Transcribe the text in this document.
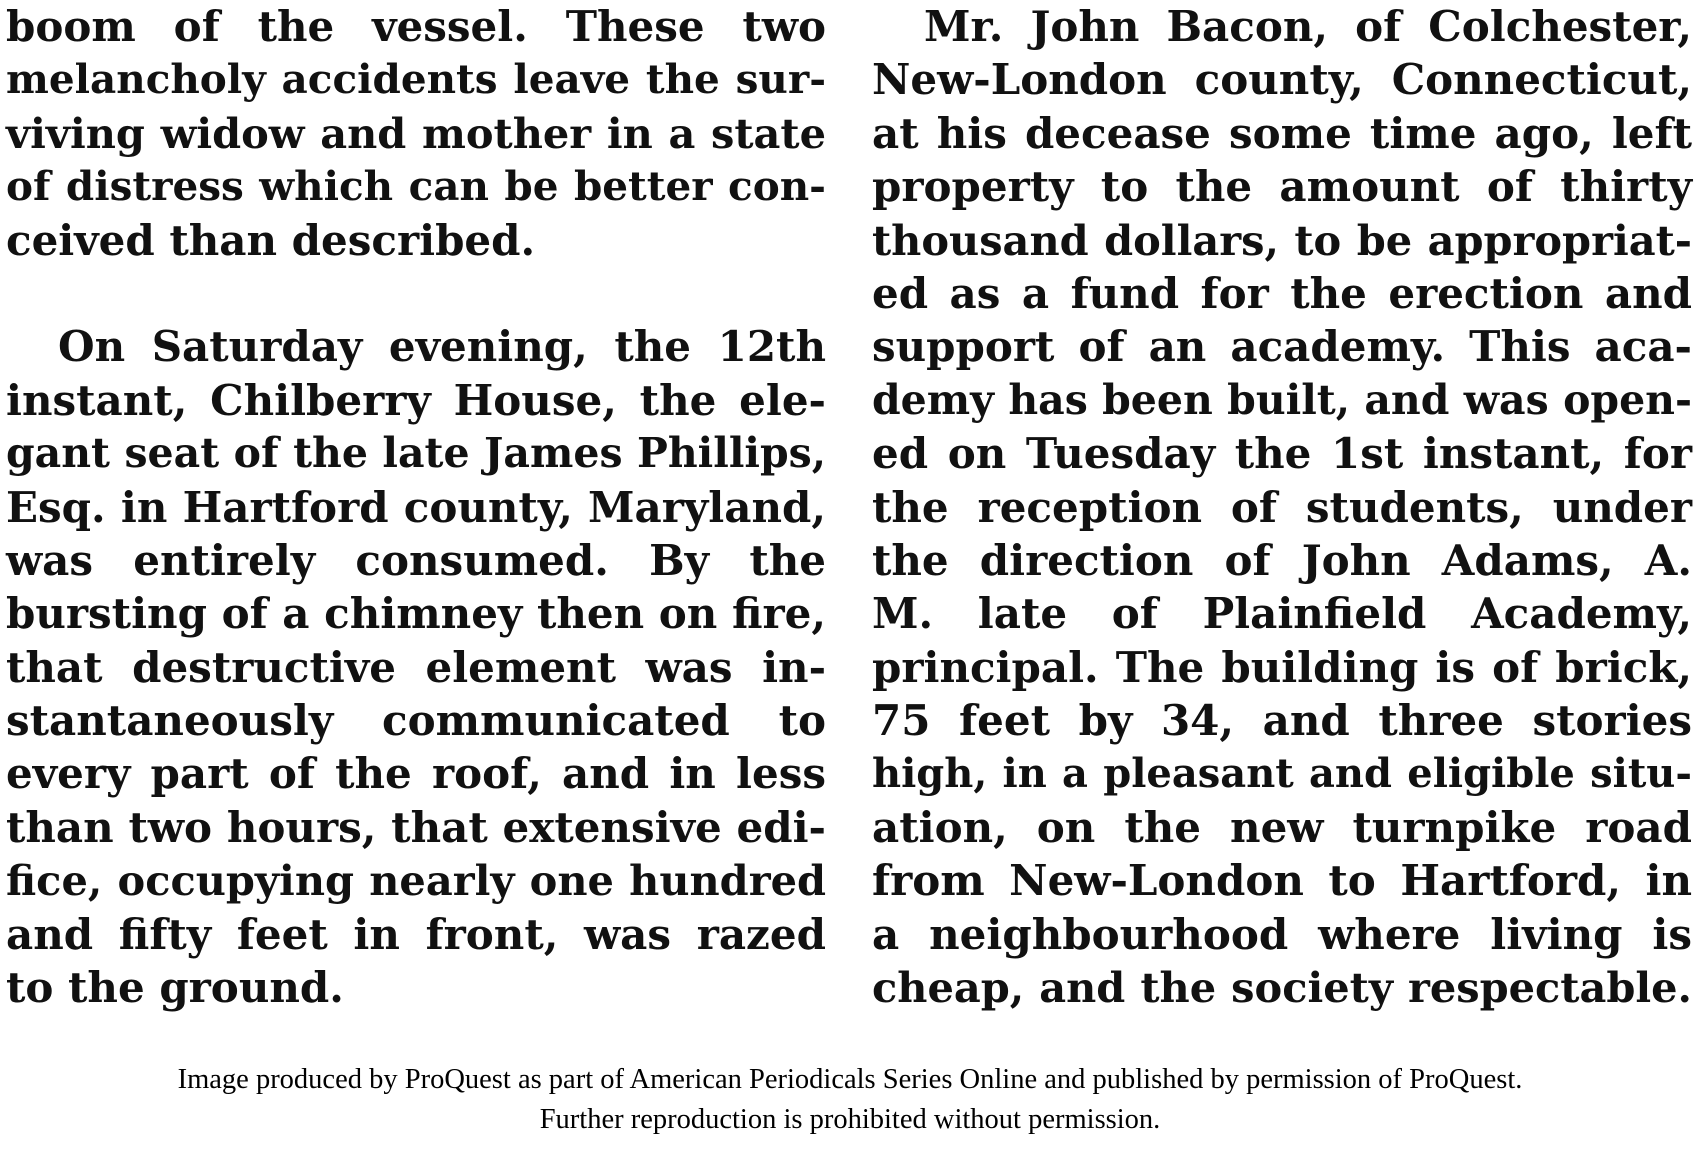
boom of the vessel. These two
melancholy accidents leave the sur-
viving widow and mother in a state
of distress which can be better con-
ceived than described.
On Saturday evening, the 12th
instant, Chilberry House, the ele-
gant seat of the late James Phillips,
Esq. in Hartford county, Maryland,
was entirely consumed. By the
bursting of a chimney then on fire,
that destructive element was in-
stantaneously communicated to
every part of the roof, and in less
than two hours, that extensive edi-
fice, occupying nearly one hundred
and fifty feet in front, was razed
to the ground.
Mr. John Bacon, of Colchester,
New-London county, Connecticut,
at his decease some time ago, left
property to the amount of thirty
thousand dollars, to be appropriat-
ed as a fund for the erection and
support of an academy. This aca-
demy has been built, and was open-
ed on Tuesday the 1st instant, for
the reception of students, under
the direction of John Adams, A.
M. late of Plainfield Academy,
principal. The building is of brick,
75 feet by 34, and three stories
high, in a pleasant and eligible situ-
ation, on the new turnpike road
from New-London to Hartford, in
a neighbourhood where living is
cheap, and the society respectable.
Image produced by ProQuest as part of American Periodicals Series Online and published by permission of ProQuest.
Further reproduction is prohibited without permission.
